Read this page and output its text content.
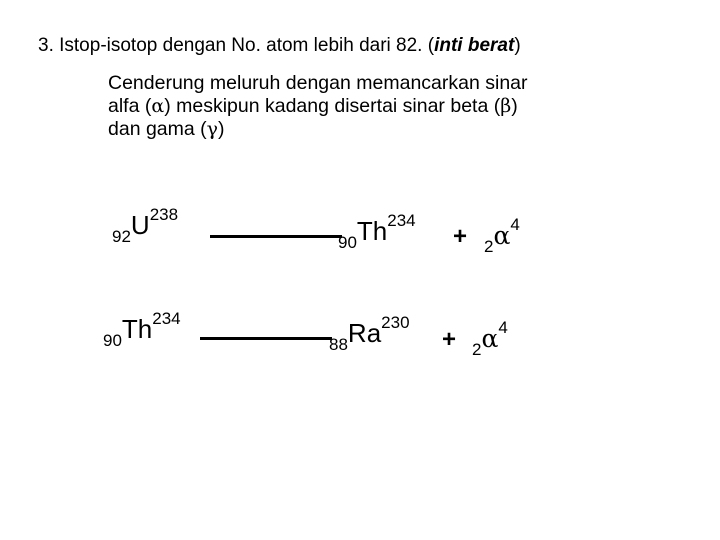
3. Istop-isotop dengan No. atom lebih dari 82. (inti berat)
Cenderung meluruh dengan memancarkan sinar
alfa (α) meskipun kadang disertai sinar beta (β)
dan gama (γ)
$_{92}U^{238}$
$_{90}Th^{234}$
+ $_2\alpha^4$
$_{90}Th^{234}$
$_{88}Ra^{230}$
+ $_2\alpha^4$
